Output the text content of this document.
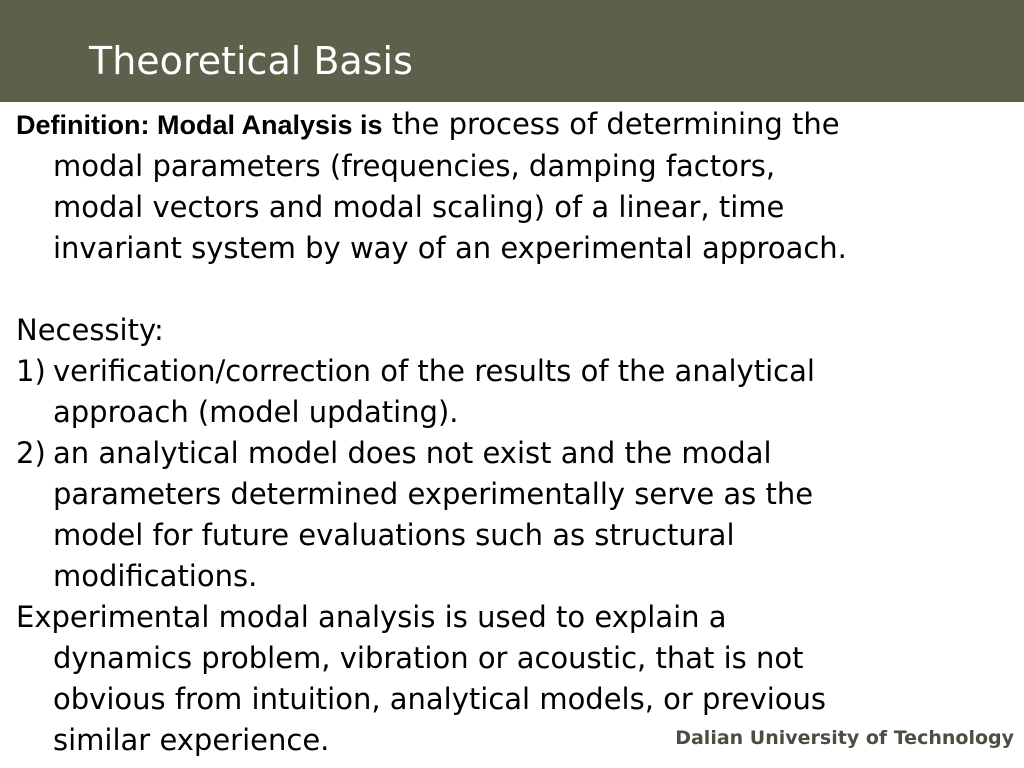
Theoretical Basis

Definition: Modal Analysis is the process of determining the
modal parameters (frequencies, damping factors,
modal vectors and modal scaling) of a linear, time
invariant system by way of an experimental approach.

Necessity:

1) verification/correction of the results of the analytical
approach (model updating).
2) an analytical model does not exist and the modal
parameters determined experimentally serve as the
model for future evaluations such as structural
modifications.

Experimental modal analysis is used to explain a
dynamics problem, vibration or acoustic, that is not
obvious from intuition, analytical models, or previous
similar experience.	Dalian University of Technology
